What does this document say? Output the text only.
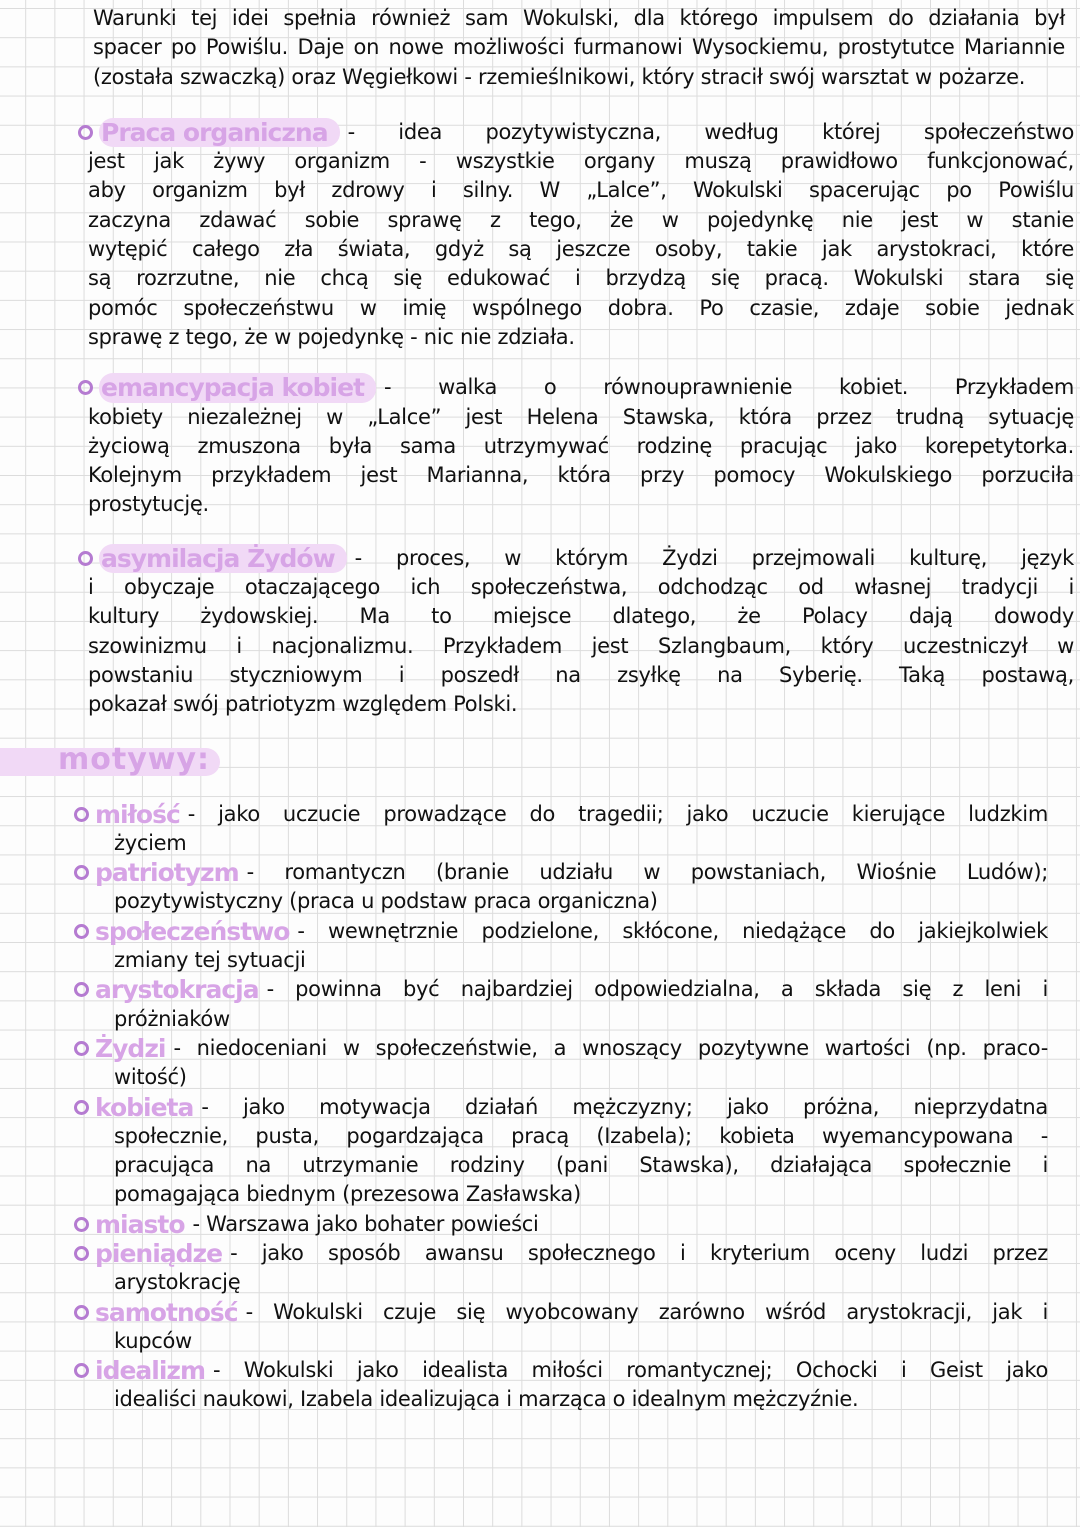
Warunki tej idei spełnia również sam Wokulski, dla którego impulsem do działania był
spacer po Powiślu. Daje on nowe możliwości furmanowi Wysockiemu, prostytutce Mariannie
(została szwaczką) oraz Węgiełkowi - rzemieślnikowi, który stracił swój warsztat w pożarze.
Praca organiczna - idea pozytywistyczna, według której społeczeństwo
jest jak żywy organizm - wszystkie organy muszą prawidłowo funkcjonować,
aby organizm był zdrowy i silny. W „Lalce”, Wokulski spacerując po Powiślu
zaczyna zdawać sobie sprawę z tego, że w pojedynkę nie jest w stanie
wytępić całego zła świata, gdyż są jeszcze osoby, takie jak arystokraci, które
są rozrzutne, nie chcą się edukować i brzydzą się pracą. Wokulski stara się
pomóc społeczeństwu w imię wspólnego dobra. Po czasie, zdaje sobie jednak
sprawę z tego, że w pojedynkę - nic nie zdziała.
emancypacja kobiet - walka o równouprawnienie kobiet. Przykładem
kobiety niezależnej w „Lalce” jest Helena Stawska, która przez trudną sytuację
życiową zmuszona była sama utrzymywać rodzinę pracując jako korepetytorka.
Kolejnym przykładem jest Marianna, która przy pomocy Wokulskiego porzuciła
prostytucję.
asymilacja Żydów - proces, w którym Żydzi przejmowali kulturę, język
i obyczaje otaczającego ich społeczeństwa, odchodząc od własnej tradycji i
kultury żydowskiej. Ma to miejsce dlatego, że Polacy dają dowody
szowinizmu i nacjonalizmu. Przykładem jest Szlangbaum, który uczestniczył w
powstaniu styczniowym i poszedł na zsyłkę na Syberię. Taką postawą,
pokazał swój patriotyzm względem Polski.
motywy:
miłość - jako uczucie prowadzące do tragedii; jako uczucie kierujące ludzkim
życiem
patriotyzm - romantyczn (branie udziału w powstaniach, Wiośnie Ludów);
pozytywistyczny (praca u podstaw praca organiczna)
społeczeństwo - wewnętrznie podzielone, skłócone, niedążące do jakiejkolwiek
zmiany tej sytuacji
arystokracja - powinna być najbardziej odpowiedzialna, a składa się z leni i
próżniaków
Żydzi - niedoceniani w społeczeństwie, a wnoszący pozytywne wartości (np. praco-
witość)
kobieta - jako motywacja działań mężczyzny; jako próżna, nieprzydatna
społecznie, pusta, pogardzająca pracą (Izabela); kobieta wyemancypowana -
pracująca na utrzymanie rodziny (pani Stawska), działająca społecznie i
pomagająca biednym (prezesowa Zasławska)
miasto - Warszawa jako bohater powieści
pieniądze - jako sposób awansu społecznego i kryterium oceny ludzi przez
arystokrację
samotność - Wokulski czuje się wyobcowany zarówno wśród arystokracji, jak i
kupców
idealizm - Wokulski jako idealista miłości romantycznej; Ochocki i Geist jako
idealiści naukowi, Izabela idealizująca i marząca o idealnym mężczyźnie.
